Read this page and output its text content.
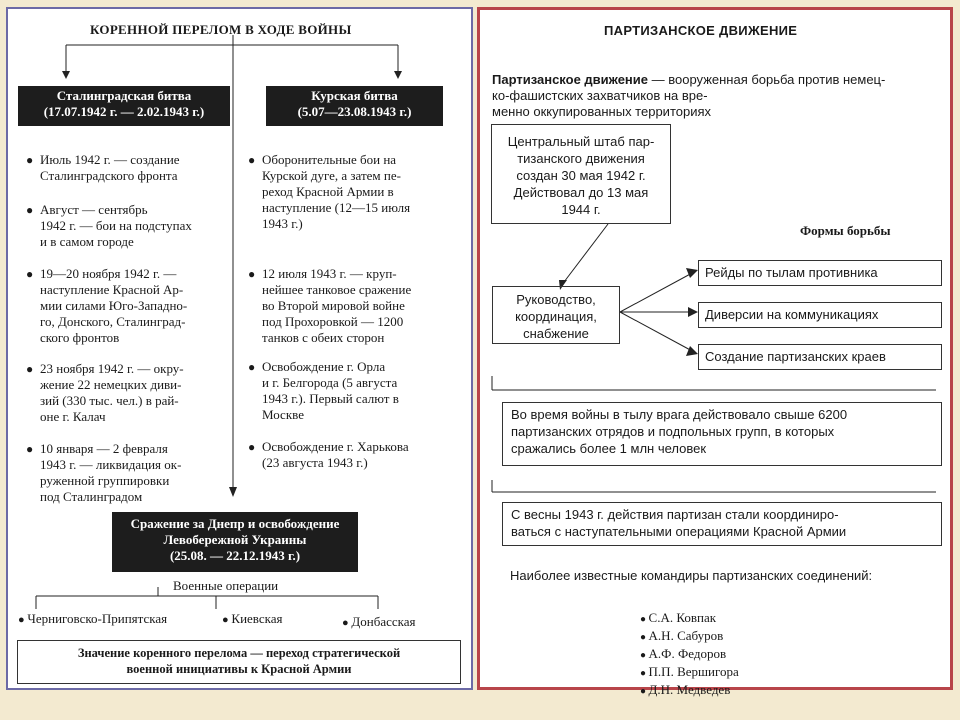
КОРЕННОЙ ПЕРЕЛОМ В ХОДЕ ВОЙНЫ
Сталинградская битва
(17.07.1942 г. — 2.02.1943 г.)
Курская битва
(5.07—23.08.1943 г.)
● Июль 1942 г. — создание
Сталинградского фронта
● Август — сентябрь
1942 г. — бои на подступах
и в самом городе
● 19—20 ноября 1942 г. —
наступление Красной Ар-
мии силами Юго-Западно-
го, Донского, Сталинград-
ского фронтов
● 23 ноября 1942 г. — окру-
жение 22 немецких диви-
зий (330 тыс. чел.) в рай-
оне г. Калач
● 10 января — 2 февраля
1943 г. — ликвидация ок-
руженной группировки
под Сталинградом
● Оборонительные бои на
Курской дуге, а затем пе-
реход Красной Армии в
наступление (12—15 июля
1943 г.)
● 12 июля 1943 г. — круп-
нейшее танковое сражение
во Второй мировой войне
под Прохоровкой — 1200
танков с обеих сторон
● Освобождение г. Орла
и г. Белгорода (5 августа
1943 г.). Первый салют в
Москве
● Освобождение г. Харькова
(23 августа 1943 г.)
Сражение за Днепр и освобождение
Левобережной Украины
(25.08. — 22.12.1943 г.)
Военные операции
● Черниговско-Припятская	● Киевская	● Донбасская
Значение коренного перелома — переход стратегической
военной инициативы к Красной Армии
ПАРТИЗАНСКОЕ ДВИЖЕНИЕ
Партизанское движение — вооруженная борьба против немец-
ко-фашистских захватчиков на вре-
менно оккупированных территориях
Центральный штаб пар-
тизанского движения
создан 30 мая 1942 г.
Действовал до 13 мая
1944 г.
Формы борьбы
Руководство,
координация,
снабжение
Рейды по тылам противника
Диверсии на коммуникациях
Создание партизанских краев
Во время войны в тылу врага действовало свыше 6200
партизанских отрядов и подпольных групп, в которых
сражались более 1 млн человек
С весны 1943 г. действия партизан стали координиро-
ваться с наступательными операциями Красной Армии
Наиболее известные командиры партизанских соединений:
● С.А. Ковпак
● А.Н. Сабуров
● А.Ф. Федоров
● П.П. Вершигора
● Д.Н. Медведев
